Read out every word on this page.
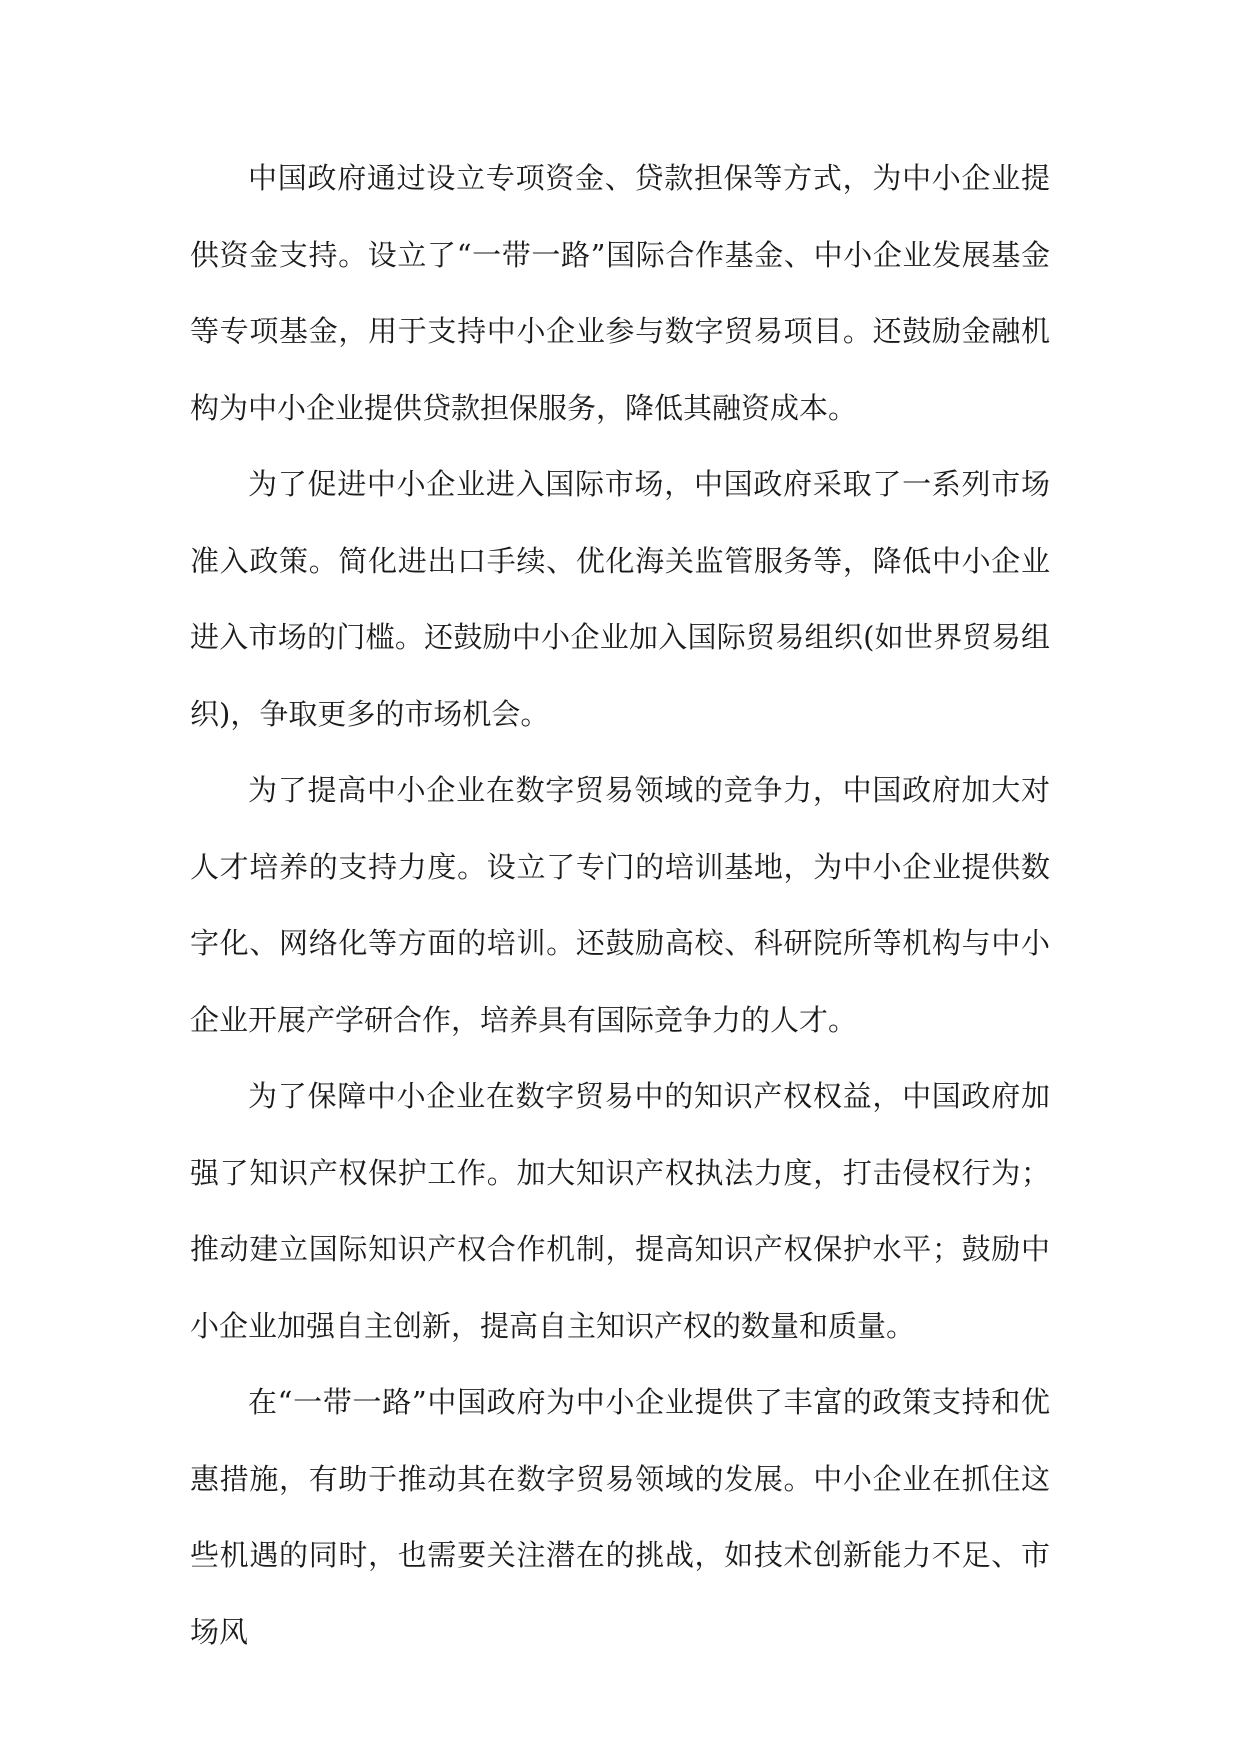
中国政府通过设立专项资金、贷款担保等方式，为中小企业提供资金支持。设立了“一带一路”国际合作基金、中小企业发展基金等专项基金，用于支持中小企业参与数字贸易项目。还鼓励金融机构为中小企业提供贷款担保服务，降低其融资成本。

为了促进中小企业进入国际市场，中国政府采取了一系列市场准入政策。简化进出口手续、优化海关监管服务等，降低中小企业进入市场的门槛。还鼓励中小企业加入国际贸易组织(如世界贸易组织)，争取更多的市场机会。

为了提高中小企业在数字贸易领域的竞争力，中国政府加大对人才培养的支持力度。设立了专门的培训基地，为中小企业提供数字化、网络化等方面的培训。还鼓励高校、科研院所等机构与中小企业开展产学研合作，培养具有国际竞争力的人才。

为了保障中小企业在数字贸易中的知识产权权益，中国政府加强了知识产权保护工作。加大知识产权执法力度，打击侵权行为；推动建立国际知识产权合作机制，提高知识产权保护水平；鼓励中小企业加强自主创新，提高自主知识产权的数量和质量。

在“一带一路”中国政府为中小企业提供了丰富的政策支持和优惠措施，有助于推动其在数字贸易领域的发展。中小企业在抓住这些机遇的同时，也需要关注潜在的挑战，如技术创新能力不足、市场风
